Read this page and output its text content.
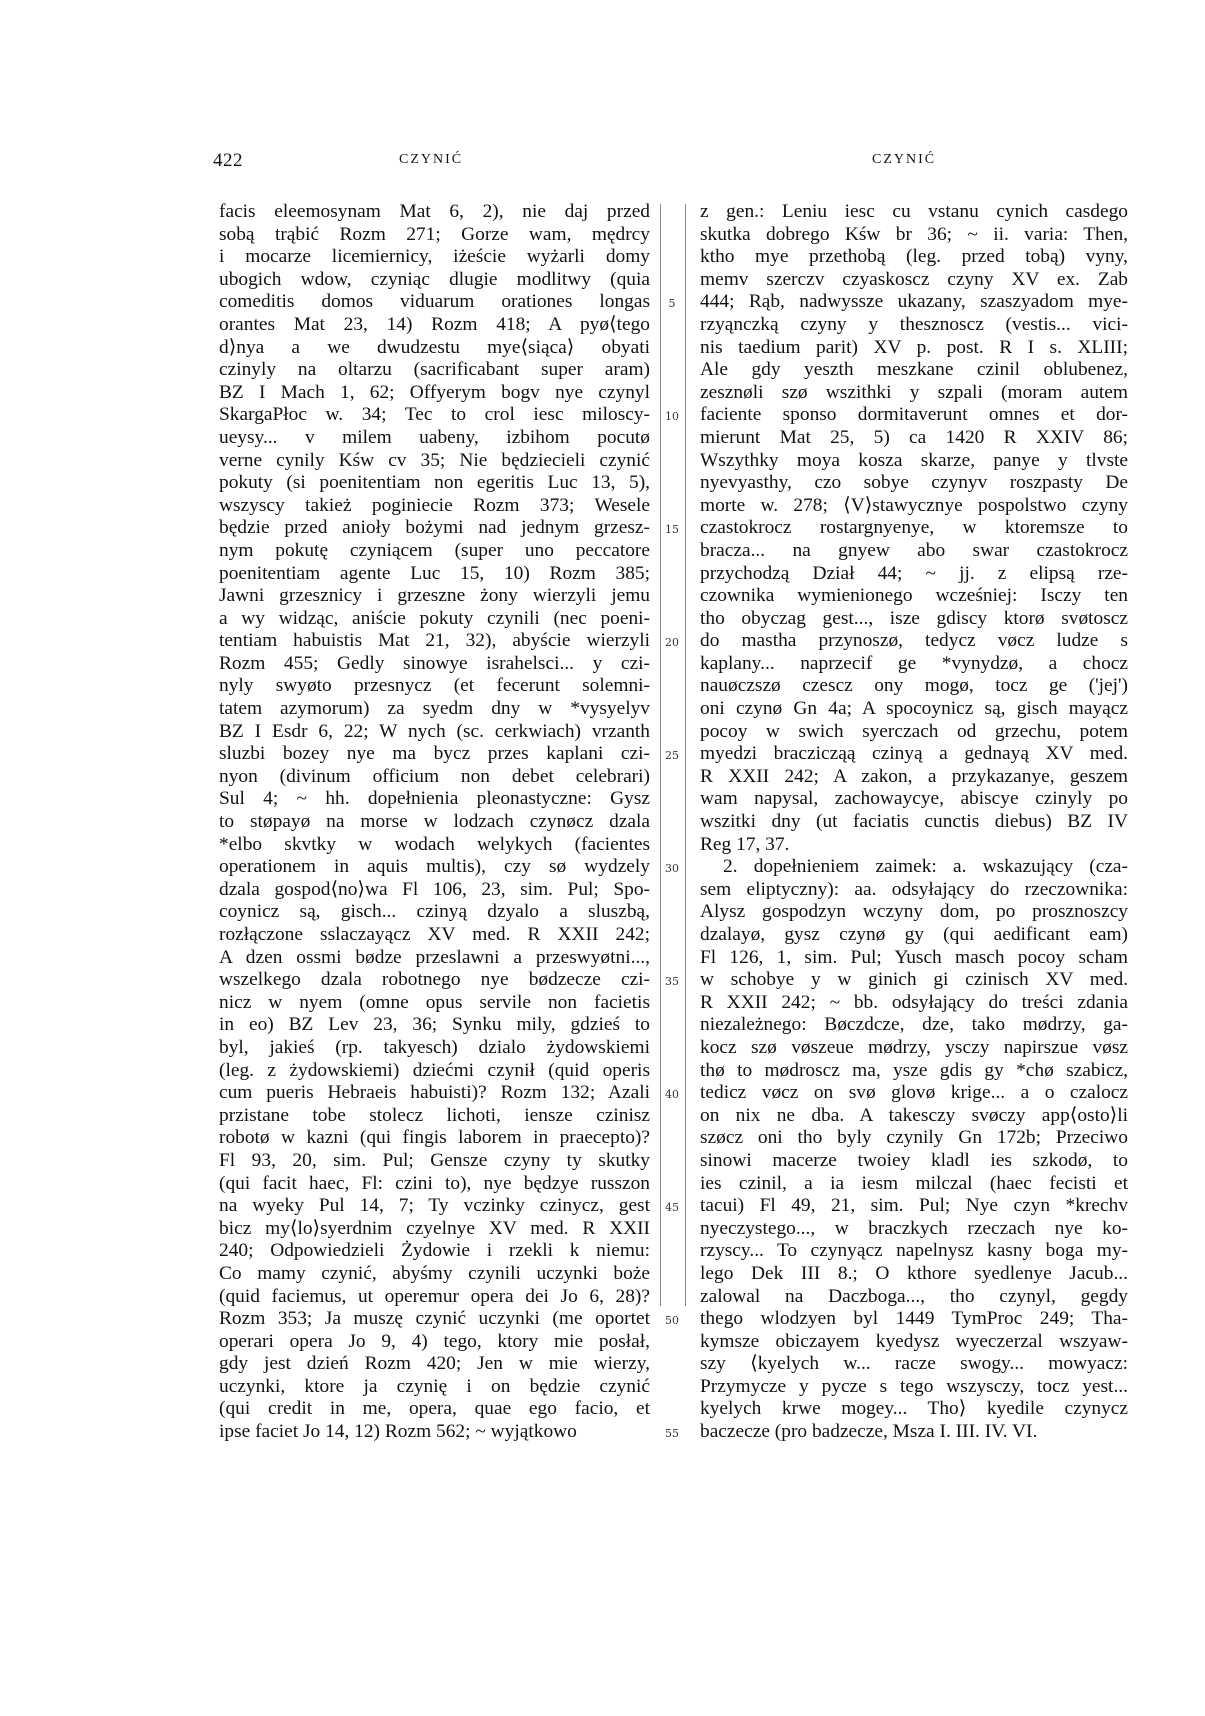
422	CZYNIĆ	CZYNIĆ
facis eleemosynam Mat 6, 2), nie daj przed
sobą trąbić Rozm 271; Gorze wam, mędrcy
i mocarze licemiernicy, iżeście wyżarli domy
ubogich wdow, czyniąc dlugie modlitwy (quia
comeditis domos viduarum orationes longas
orantes Mat 23, 14) Rozm 418; A pyø⟨tego
d⟩nya a we dwudzestu mye⟨siąca⟩ obyati
czinyly na oltarzu (sacrificabant super aram)
BZ I Mach 1, 62; Offyerym bogv nye czynyl
SkargaPłoc w. 34; Tec to crol iesc miloscy-
ueysy... v milem uabeny, izbihom pocutø
verne cynily Kśw cv 35; Nie będziecieli czynić
pokuty (si poenitentiam non egeritis Luc 13, 5),
wszyscy takież poginiecie Rozm 373; Wesele
będzie przed anioły bożymi nad jednym grzesz-
nym pokutę czyniącem (super uno peccatore
poenitentiam agente Luc 15, 10) Rozm 385;
Jawni grzesznicy i grzeszne żony wierzyli jemu
a wy widząc, aniście pokuty czynili (nec poeni-
tentiam habuistis Mat 21, 32), abyście wierzyli
Rozm 455; Gedly sinowye israhelsci... y czi-
nyly swyøto przesnycz (et fecerunt solemni-
tatem azymorum) za syedm dny w *vysyelyv
BZ I Esdr 6, 22; W nych (sc. cerkwiach) vrzanth
sluzbi bozey nye ma bycz przes kaplani czi-
nyon (divinum officium non debet celebrari)
Sul 4; ~ hh. dopełnienia pleonastyczne: Gysz
to støpayø na morse w lodzach czynøcz dzala
*elbo skvtky w wodach welykych (facientes
operationem in aquis multis), czy sø wydzely
dzala gospod⟨no⟩wa Fl 106, 23, sim. Pul; Spo-
coynicz są, gisch... czinyą dzyalo a sluszbą,
rozłączone sslaczayącz XV med. R XXII 242;
A dzen ossmi bødze przeslawni a przeswyøtni...,
wszelkego dzala robotnego nye bødzecze czi-
nicz w nyem (omne opus servile non facietis
in eo) BZ Lev 23, 36; Synku mily, gdzieś to
byl, jakieś (rp. takyesch) dzialo żydowskiemi
(leg. z żydowskiemi) dziećmi czynił (quid operis
cum pueris Hebraeis habuisti)? Rozm 132; Azali
przistane tobe stolecz lichoti, iensze czinisz
robotø w kazni (qui fingis laborem in praecepto)?
Fl 93, 20, sim. Pul; Gensze czyny ty skutky
(qui facit haec, Fl: czini to), nye będzye russzon
na wyeky Pul 14, 7; Ty vczinky czinycz, gest
bicz my⟨lo⟩syerdnim czyelnye XV med. R XXII
240; Odpowiedzieli Żydowie i rzekli k niemu:
Co mamy czynić, abyśmy czynili uczynki boże
(quid faciemus, ut operemur opera dei Jo 6, 28)?
Rozm 353; Ja muszę czynić uczynki (me oportet
operari opera Jo 9, 4) tego, ktory mie posłał,
gdy jest dzień Rozm 420; Jen w mie wierzy,
uczynki, ktore ja czynię i on będzie czynić
(qui credit in me, opera, quae ego facio, et
ipse faciet Jo 14, 12) Rozm 562; ~ wyjątkowo
5
10
15
20
25
30
35
40
45
50
55
z gen.: Leniu iesc cu vstanu cynich casdego
skutka dobrego Kśw br 36; ~ ii. varia: Then,
ktho mye przethobą (leg. przed tobą) vyny,
memv szerczv czyaskoscz czyny XV ex. Zab
444; Rąb, nadwyssze ukazany, szaszyadom mye-
rzyąnczką czyny y thesznoscz (vestis... vici-
nis taedium parit) XV p. post. R I s. XLIII;
Ale gdy yeszth meszkane czinil oblubenez,
zesznøli szø wszithki y szpali (moram autem
faciente sponso dormitaverunt omnes et dor-
mierunt Mat 25, 5) ca 1420 R XXIV 86;
Wszythky moya kosza skarze, panye y tlvste
nyevyasthy, czo sobye czynyv roszpasty De
morte w. 278; ⟨V⟩stawycznye pospolstwo czyny
czastokrocz rostargnyenye, w ktoremsze to
bracza... na gnyew abo swar czastokrocz
przychodzą Dział 44; ~ jj. z elipsą rze-
czownika wymienionego wcześniej: Isczy ten
tho obyczag gest..., isze gdiscy ktorø svøtoscz
do mastha przynoszø, tedycz vøcz ludze s
kaplany... naprzecif ge *vynydzø, a chocz
nauøczszø czescz ony mogø, tocz ge ('jej')
oni czynø Gn 4a; A spocoynicz są, gisch mayącz
pocoy w swich syerczach od grzechu, potem
myedzi braczicząą czinyą a gednayą XV med.
R XXII 242; A zakon, a przykazanye, geszem
wam napysal, zachowaycye, abiscye czinyly po
wszitki dny (ut faciatis cunctis diebus) BZ IV
Reg 17, 37.
2. dopełnieniem zaimek: a. wskazujący (cza-
sem eliptyczny): aa. odsyłający do rzeczownika:
Alysz gospodzyn wczyny dom, po prosznoszcy
dzalayø, gysz czynø gy (qui aedificant eam)
Fl 126, 1, sim. Pul; Yusch masch pocoy scham
w schobye y w ginich gi czinisch XV med.
R XXII 242; ~ bb. odsyłający do treści zdania
niezależnego: Bøczdcze, dze, tako mødrzy, ga-
kocz szø vøszeue mødrzy, ysczy napirszue vøsz
thø to mødroscz ma, ysze gdis gy *chø szabicz,
tedicz vøcz on svø glovø krige... a o czalocz
on nix ne dba. A takesczy svøczy app⟨osto⟩li
szøcz oni tho byly czynily Gn 172b; Przeciwo
sinowi macerze twoiey kladl ies szkodø, to
ies czinil, a ia iesm milczal (haec fecisti et
tacui) Fl 49, 21, sim. Pul; Nye czyn *krechv
nyeczystego..., w braczkych rzeczach nye ko-
rzyscy... To czynyącz napelnysz kasny boga my-
lego Dek III 8.; O kthore syedlenye Jacub...
zalowal na Daczboga..., tho czynyl, gegdy
thego wlodzyen byl 1449 TymProc 249; Tha-
kymsze obiczayem kyedysz wyeczerzal wszyaw-
szy ⟨kyelych w... racze swogy... mowyacz:
Przymycze y pycze s tego wszysczy, tocz yest...
kyelych krwe mogey... Tho⟩ kyedile czynycz
baczecze (pro badzecze, Msza I. III. IV. VI.
